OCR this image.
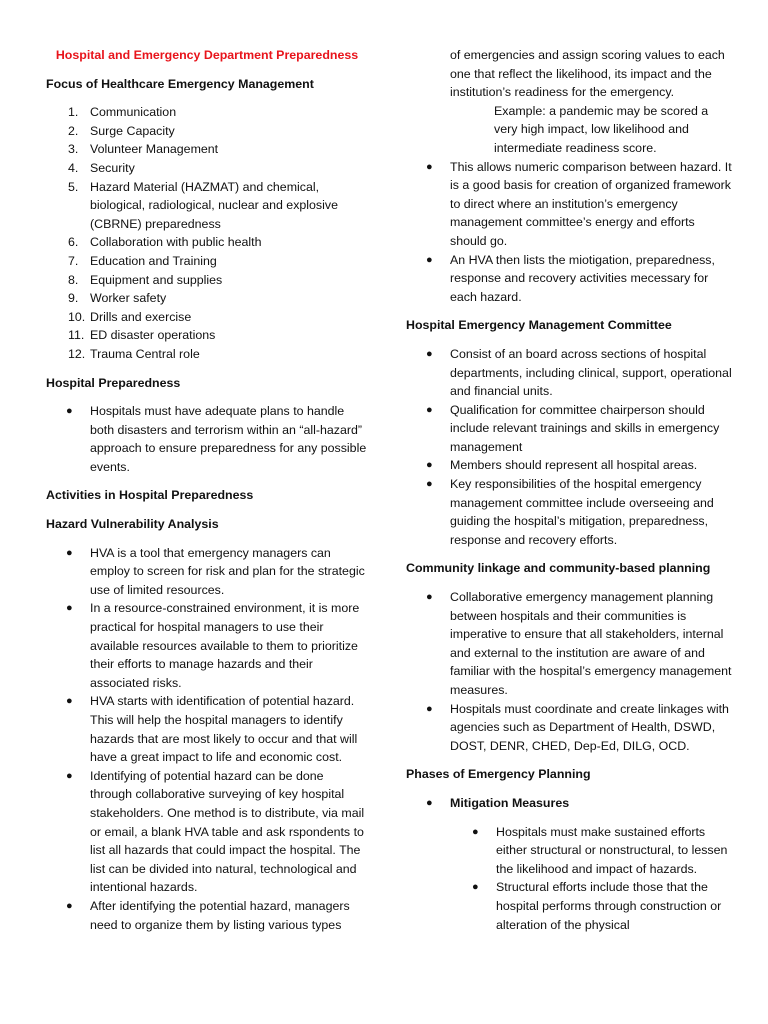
Hospital and Emergency Department Preparedness
Focus of Healthcare Emergency Management
1. Communication
2. Surge Capacity
3. Volunteer Management
4. Security
5. Hazard Material (HAZMAT) and chemical, biological, radiological, nuclear and explosive (CBRNE) preparedness
6. Collaboration with public health
7. Education and Training
8. Equipment and supplies
9. Worker safety
10. Drills and exercise
11. ED disaster operations
12. Trauma Central role
Hospital Preparedness
● Hospitals must have adequate plans to handle both disasters and terrorism within an “all-hazard” approach to ensure preparedness for any possible events.
Activities in Hospital Preparedness
Hazard Vulnerability Analysis
● HVA is a tool that emergency managers can employ to screen for risk and plan for the strategic use of limited resources.
● In a resource-constrained environment, it is more practical for hospital managers to use their available resources available to them to prioritize their efforts to manage hazards and their associated risks.
● HVA starts with identification of potential hazard. This will help the hospital managers to identify hazards that are most likely to occur and that will have a great impact to life and economic cost.
● Identifying of potential hazard can be done through collaborative surveying of key hospital stakeholders. One method is to distribute, via mail or email, a blank HVA table and ask rspondents to list all hazards that could impact the hospital. The list can be divided into natural, technological and intentional hazards.
● After identifying the potential hazard, managers need to organize them by listing various types
of emergencies and assign scoring values to each one that reflect the likelihood, its impact and the institution’s readiness for the emergency.
Example: a pandemic may be scored a very high impact, low likelihood and intermediate readiness score.
● This allows numeric comparison between hazard. It is a good basis for creation of organized framework to direct where an institution’s emergency management committee’s energy and efforts should go.
● An HVA then lists the miotigation, preparedness, response and recovery activities mecessary for each hazard.
Hospital Emergency Management Committee
● Consist of an board across sections of hospital departments, including clinical, support, operational and financial units.
● Qualification for committee chairperson should include relevant trainings and skills in emergency management
● Members should represent all hospital areas.
● Key responsibilities of the hospital emergency management committee include overseeing and guiding the hospital’s mitigation, preparedness, response and recovery efforts.
Community linkage and community-based planning
● Collaborative emergency management planning between hospitals and their communities is imperative to ensure that all stakeholders, internal and external to the institution are aware of and familiar with the hospital’s emergency management measures.
● Hospitals must coordinate and create linkages with agencies such as Department of Health, DSWD, DOST, DENR, CHED, Dep-Ed, DILG, OCD.
Phases of Emergency Planning
● Mitigation Measures
● Hospitals must make sustained efforts either structural or nonstructural, to lessen the likelihood and impact of hazards.
● Structural efforts include those that the hospital performs through construction or alteration of the physical
